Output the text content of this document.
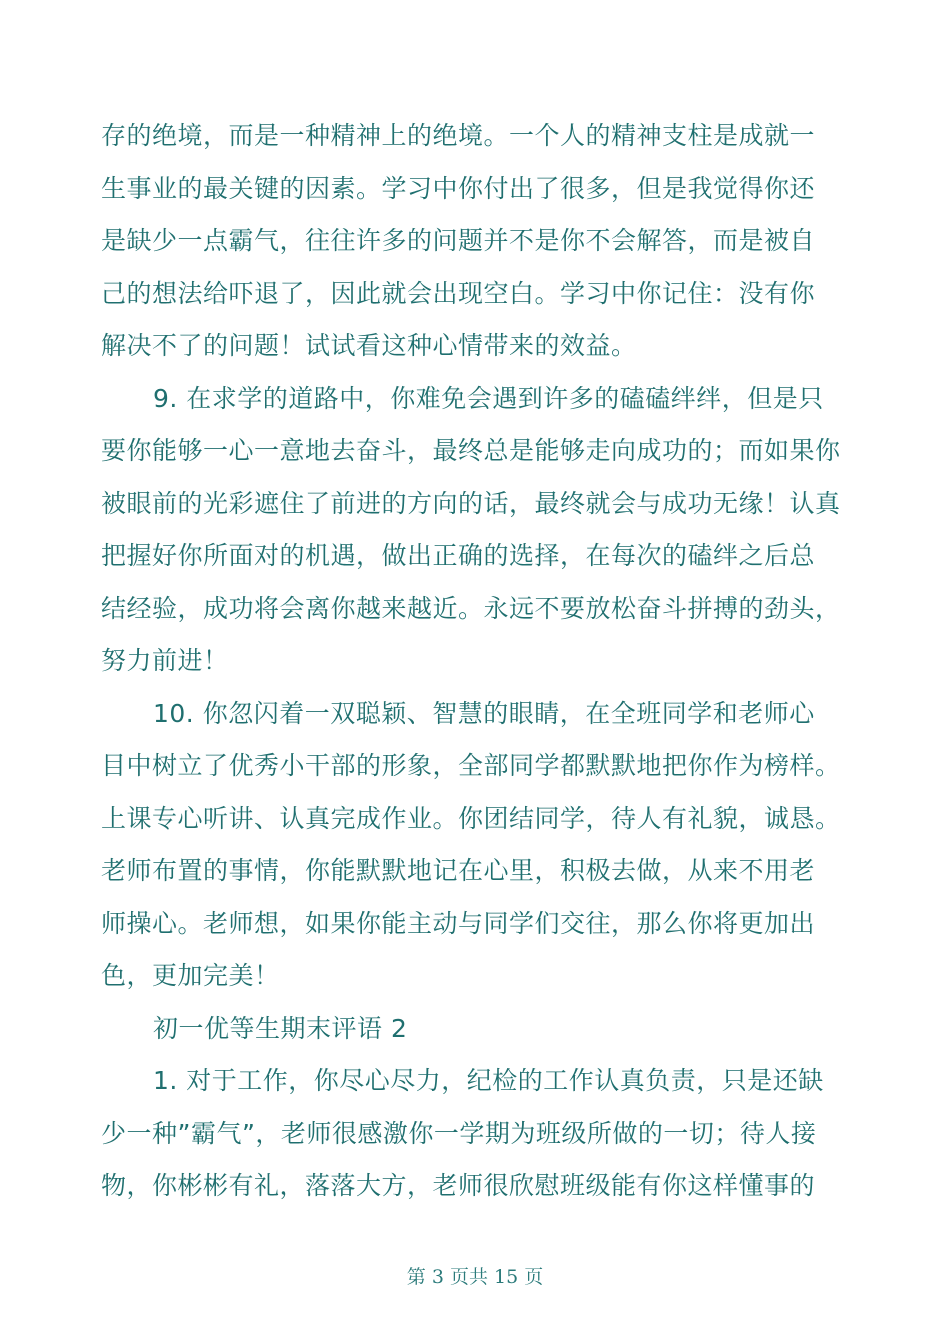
存的绝境，而是一种精神上的绝境。一个人的精神支柱是成就一
生事业的最关键的因素。学习中你付出了很多，但是我觉得你还
是缺少一点霸气，往往许多的问题并不是你不会解答，而是被自
己的想法给吓退了，因此就会出现空白。学习中你记住：没有你
解决不了的问题！试试看这种心情带来的效益。
9. 在求学的道路中，你难免会遇到许多的磕磕绊绊，但是只
要你能够一心一意地去奋斗，最终总是能够走向成功的；而如果你
被眼前的光彩遮住了前进的方向的话，最终就会与成功无缘！认真
把握好你所面对的机遇，做出正确的选择，在每次的磕绊之后总
结经验，成功将会离你越来越近。永远不要放松奋斗拼搏的劲头，
努力前进！
10. 你忽闪着一双聪颖、智慧的眼睛，在全班同学和老师心
目中树立了优秀小干部的形象，全部同学都默默地把你作为榜样。
上课专心听讲、认真完成作业。你团结同学，待人有礼貌，诚恳。
老师布置的事情，你能默默地记在心里，积极去做，从来不用老
师操心。老师想，如果你能主动与同学们交往，那么你将更加出
色，更加完美！
初一优等生期末评语 2
1. 对于工作，你尽心尽力，纪检的工作认真负责，只是还缺
少一种”霸气”，老师很感激你一学期为班级所做的一切；待人接
物，你彬彬有礼，落落大方，老师很欣慰班级能有你这样懂事的
第 3 页共 15 页
